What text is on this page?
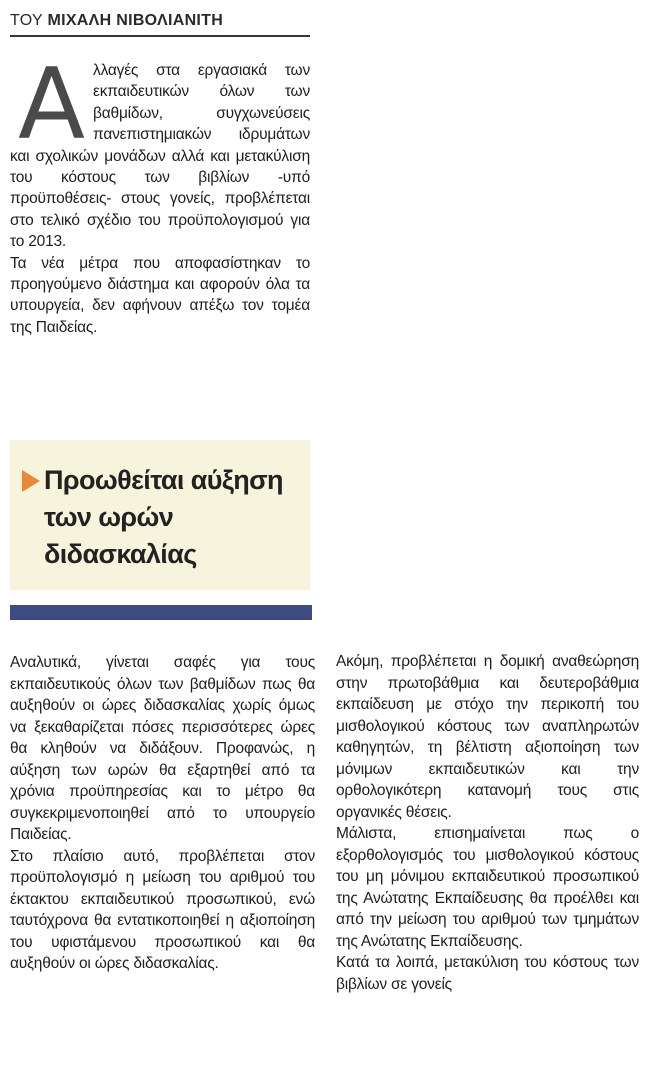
ΤΟΥ ΜΙΧΑΛΗ ΝΙΒΟΛΙΑΝΙΤΗ
Α λλαγές στα εργασιακά των εκπαιδευτικών όλων των βαθμίδων, συγχωνεύσεις πανεπιστημιακών ιδρυμάτων και σχολικών μονάδων αλλά και μετακύλιση του κόστους των βιβλίων -υπό προϋποθέσεις- στους γονείς, προβλέπεται στο τελικό σχέδιο του προϋπολογισμού για το 2013.

Τα νέα μέτρα που αποφασίστηκαν το προηγούμενο διάστημα και αφορούν όλα τα υπουργεία, δεν αφήνουν απέξω τον τομέα της Παιδείας.

Προωθείται αύξηση των ωρών διδασκαλίας

Αναλυτικά, γίνεται σαφές για τους εκπαιδευτικούς όλων των βαθμίδων πως θα αυξηθούν οι ώρες διδασκαλίας χωρίς όμως να ξεκαθαρίζεται πόσες περισσότερες ώρες θα κληθούν να διδάξουν. Προφανώς, η αύξηση των ωρών θα εξαρτηθεί από τα χρόνια προϋπηρεσίας και το μέτρο θα συγκεκριμενοποιηθεί από το υπουργείο Παιδείας.

Στο πλαίσιο αυτό, προβλέπεται στον προϋπολογισμό η μείωση του αριθμού του έκτακτου εκπαιδευτικού προσωπικού, ενώ ταυτόχρονα θα εντατικοποιηθεί η αξιοποίηση του υφιστάμενου προσωπικού και θα αυξηθούν οι ώρες διδασκαλίας.

Ακόμη, προβλέπεται η δομική αναθεώρηση στην πρωτοβάθμια και δευτεροβάθμια εκπαίδευση με στόχο την περικοπή του μισθολογικού κόστους των αναπληρωτών καθηγητών, τη βέλτιστη αξιοποίηση των μόνιμων εκπαιδευτικών και την ορθολογικότερη κατανομή τους στις οργανικές θέσεις.

Μάλιστα, επισημαίνεται πως ο εξορθολογισμός του μισθολογικού κόστους του μη μόνιμου εκπαιδευτικού προσωπικού της Ανώτατης Εκπαίδευσης θα προέλθει και από την μείωση του αριθμού των τμημάτων της Ανώτατης Εκπαίδευσης.

Κατά τα λοιπά, μετακύλιση του κόστους των βιβλίων σε γονείς
